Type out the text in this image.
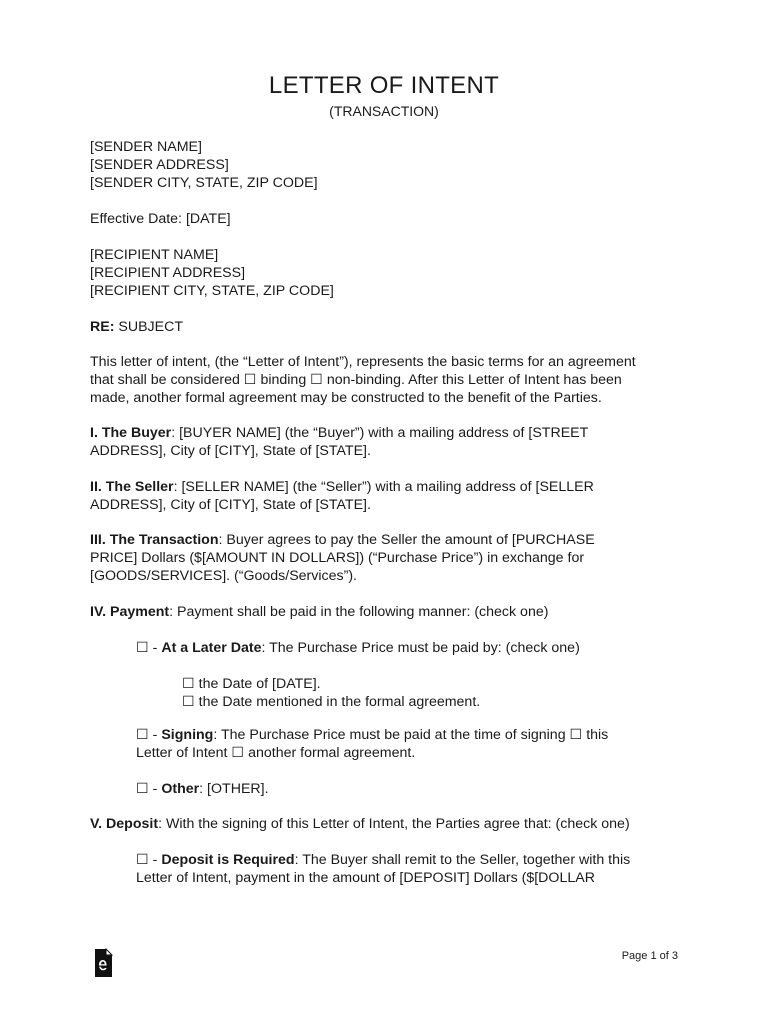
LETTER OF INTENT
(TRANSACTION)
[SENDER NAME]
[SENDER ADDRESS]
[SENDER CITY, STATE, ZIP CODE]
Effective Date: [DATE]
[RECIPIENT NAME]
[RECIPIENT ADDRESS]
[RECIPIENT CITY, STATE, ZIP CODE]
RE: SUBJECT
This letter of intent, (the “Letter of Intent”), represents the basic terms for an agreement
that shall be considered ☐ binding ☐ non-binding. After this Letter of Intent has been
made, another formal agreement may be constructed to the benefit of the Parties.
I. The Buyer: [BUYER NAME] (the “Buyer”) with a mailing address of [STREET
ADDRESS], City of [CITY], State of [STATE].
II. The Seller: [SELLER NAME] (the “Seller”) with a mailing address of [SELLER
ADDRESS], City of [CITY], State of [STATE].
III. The Transaction: Buyer agrees to pay the Seller the amount of [PURCHASE
PRICE] Dollars ($[AMOUNT IN DOLLARS]) (“Purchase Price”) in exchange for
[GOODS/SERVICES]. (“Goods/Services”).
IV. Payment: Payment shall be paid in the following manner: (check one)
☐ - At a Later Date: The Purchase Price must be paid by: (check one)
☐ the Date of [DATE].
☐ the Date mentioned in the formal agreement.
☐ - Signing: The Purchase Price must be paid at the time of signing ☐ this
Letter of Intent ☐ another formal agreement.
☐ - Other: [OTHER].
V. Deposit: With the signing of this Letter of Intent, the Parties agree that: (check one)
☐ - Deposit is Required: The Buyer shall remit to the Seller, together with this
Letter of Intent, payment in the amount of [DEPOSIT] Dollars ($[DOLLAR
Page 1 of 3
